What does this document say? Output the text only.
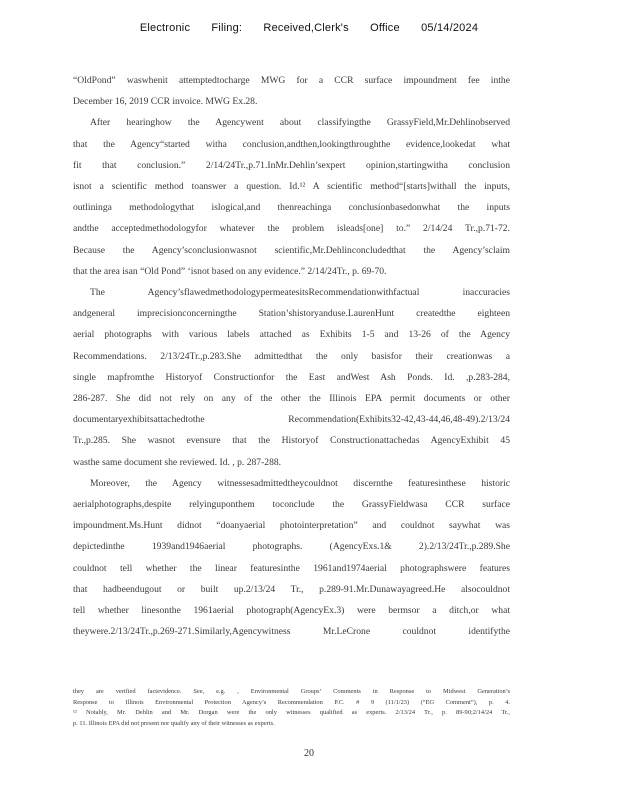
Electronic Filing: Received,Clerk's Office 05/14/2024
“OldPond” waswhenit attemptedtocharge MWG for a CCR surface impoundment fee inthe
December 16, 2019 CCR invoice. MWG Ex.28.
After hearinghow the Agencywent about classifyingthe GrassyField,Mr.Dehlinobserved
that the Agency“started witha conclusion,andthen,lookingthroughthe evidence,lookedat what
fit that conclusion.” 2/14/24Tr.,p.71.InMr.Dehlin’sexpert opinion,startingwitha conclusion
isnot a scientific method toanswer a question. Id.¹² A scientific method“[starts]withall the inputs,
outlininga methodologythat islogical,and thenreachinga conclusionbasedonwhat the inputs
andthe acceptedmethodologyfor whatever the problem isleads[one] to.” 2/14/24 Tr.,p.71-72.
Because the Agency’sconclusionwasnot scientific,Mr.Dehlinconcludedthat the Agency’sclaim
that the area isan “Old Pond” ‘isnot based on any evidence.” 2/14/24Tr., p. 69-70.
The Agency’sflawedmethodologypermeatesitsRecommendationwithfactual inaccuracies
andgeneral imprecisionconcerningthe Station’shistoryanduse.LaurenHunt createdthe eighteen
aerial photographs with various labels attached as Exhibits 1-5 and 13-26 of the Agency
Recommendations. 2/13/24Tr.,p.283.She admittedthat the only basisfor their creationwas a
single mapfromthe Historyof Constructionfor the East andWest Ash Ponds. Id. ,p.283-284,
286-287. She did not rely on any of the other the Illinois EPA permit documents or other
documentaryexhibitsattachedtothe Recommendation(Exhibits32-42,43-44,46,48-49).2/13/24
Tr.,p.285. She wasnot evensure that the Historyof Constructionattachedas AgencyExhibit 45
wasthe same document she reviewed. Id. , p. 287-288.
Moreover, the Agency witnessesadmittedtheycouldnot discernthe featuresinthese historic
aerialphotographs,despite relyinguponthem toconclude the GrassyFieldwasa CCR surface
impoundment.Ms.Hunt didnot “doanyaerial photointerpretation” and couldnot saywhat was
depictedinthe 1939and1946aerial photographs. (AgencyExs.1& 2).2/13/24Tr.,p.289.She
couldnot tell whether the linear featuresinthe 1961and1974aerial photographswere features
that hadbeendugout or built up.2/13/24 Tr., p.289-91.Mr.Dunawayagreed.He alsocouldnot
tell whether linesonthe 1961aerial photograph(AgencyEx.3) were bermsor a ditch,or what
theywere.2/13/24Tr.,p.269-271.Similarly,Agencywitness Mr.LeCrone couldnot identifythe
they are verified factevidence. See, e.g. , Environmental Groups’ Comments in Response to Midwest Generation’s
Response to Illinois Environmental Protection Agency’s Recommendation P.C. # 9 (11/1/23) (“EG Comment”), p. 4.
¹² Notably, Mr. Dehlin and Mr. Dorgan were the only witnesses qualified as experts. 2/13/24 Tr., p. 89-90;2/14/24 Tr.,
p. 11. Illinois EPA did not present nor qualify any of their witnesses as experts.
20
